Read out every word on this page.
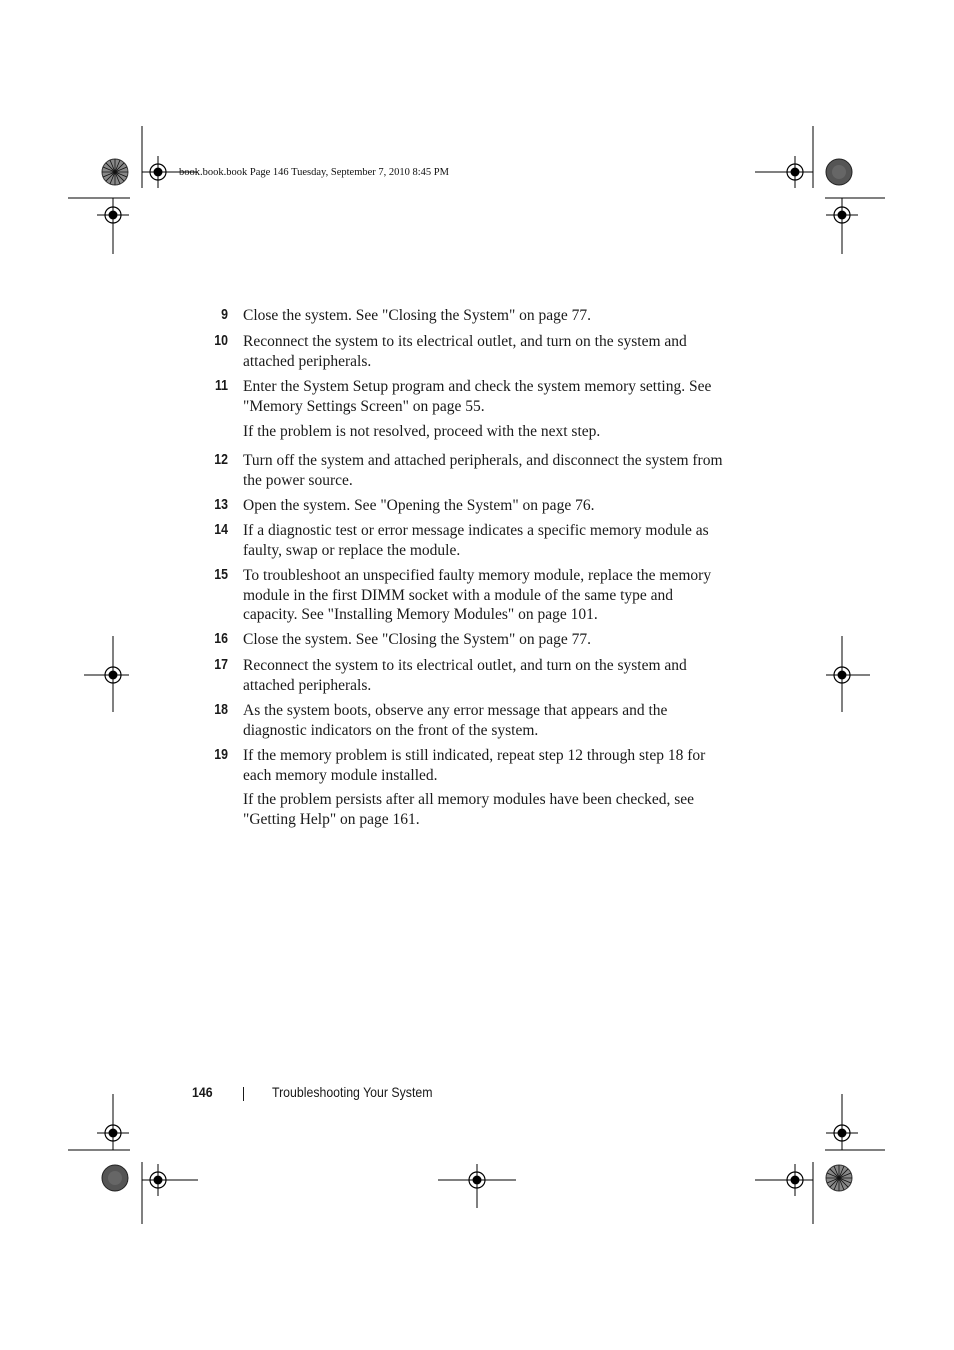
book.book.book Page 146 Tuesday, September 7, 2010 8:45 PM
9 Close the system. See "Closing the System" on page 77.
10 Reconnect the system to its electrical outlet, and turn on the system and attached peripherals.
11 Enter the System Setup program and check the system memory setting. See "Memory Settings Screen" on page 55.
If the problem is not resolved, proceed with the next step.
12 Turn off the system and attached peripherals, and disconnect the system from the power source.
13 Open the system. See "Opening the System" on page 76.
14 If a diagnostic test or error message indicates a specific memory module as faulty, swap or replace the module.
15 To troubleshoot an unspecified faulty memory module, replace the memory module in the first DIMM socket with a module of the same type and capacity. See "Installing Memory Modules" on page 101.
16 Close the system. See "Closing the System" on page 77.
17 Reconnect the system to its electrical outlet, and turn on the system and attached peripherals.
18 As the system boots, observe any error message that appears and the diagnostic indicators on the front of the system.
19 If the memory problem is still indicated, repeat step 12 through step 18 for each memory module installed.
If the problem persists after all memory modules have been checked, see "Getting Help" on page 161.
146	Troubleshooting Your System
